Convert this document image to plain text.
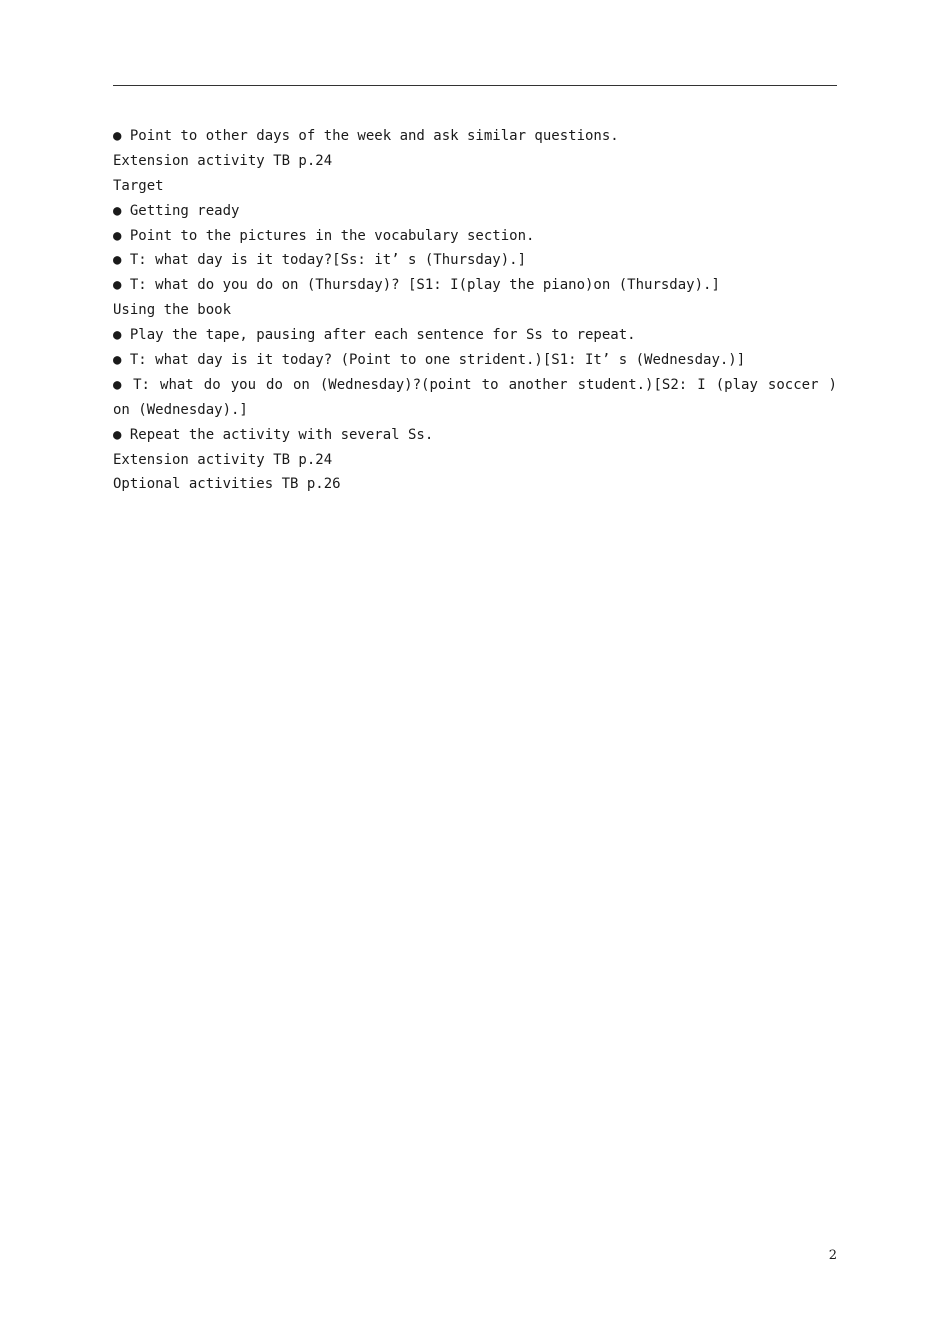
● Point to other days of the week and ask similar questions.
Extension activity TB p.24
Target
● Getting ready
● Point to the pictures in the vocabulary section.
● T: what day is it today?[Ss: it’ s (Thursday).]
● T: what do you do on (Thursday)? [S1: I(play the piano)on (Thursday).]
Using the book
● Play the tape, pausing after each sentence for Ss to repeat.
● T: what day is it today? (Point to one strident.)[S1: It’ s (Wednesday.)]
● T: what do you do on (Wednesday)?(point to another student.)[S2: I (play soccer )
on (Wednesday).]
● Repeat the activity with several Ss.
Extension activity TB p.24
Optional activities TB p.26
2
